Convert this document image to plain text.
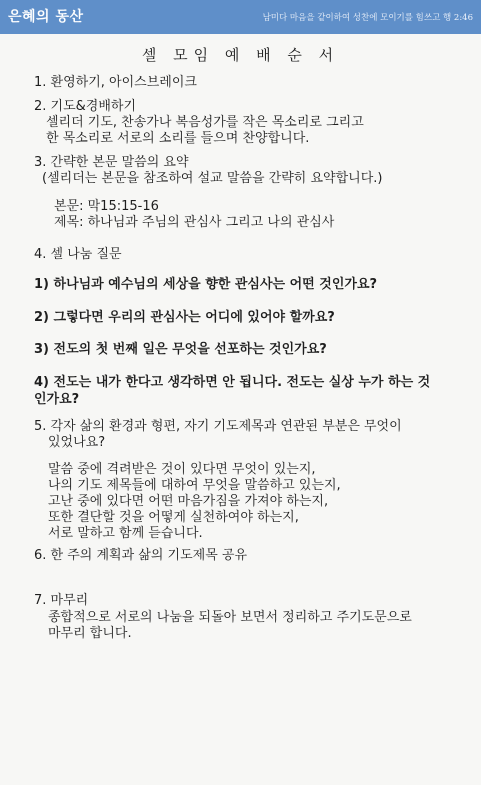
은혜의 동산	남미다 마음을 같이하여 성찬에 모이기를 힘쓰고 행 2:46
셀 모임 예 배 순 서
1. 환영하기, 아이스브레이크
2. 기도&경배하기
셀리더 기도, 찬송가나 복음성가를 작은 목소리로 그리고
한 목소리로 서로의 소리를 들으며 찬양합니다.
3. 간략한 본문 말씀의 요약
(셀리더는 본문을 참조하여 설교 말씀을 간략히 요약합니다.)
본문: 막15:15-16
제목: 하나님과 주님의 관심사 그리고 나의 관심사
4. 셀 나눔 질문
1) 하나님과 예수님의 세상을 향한 관심사는 어떤 것인가요?
2) 그렇다면 우리의 관심사는 어디에 있어야 할까요?
3) 전도의 첫 번째 일은 무엇을 선포하는 것인가요?
4) 전도는 내가 한다고 생각하면 안 됩니다. 전도는 실상 누가 하는 것
인가요?
5. 각자 삶의 환경과 형편, 자기 기도제목과 연관된 부분은 무엇이
있었나요?
말씀 중에 격려받은 것이 있다면 무엇이 있는지,
나의 기도 제목들에 대하여 무엇을 말씀하고 있는지,
고난 중에 있다면 어떤 마음가짐을 가져야 하는지,
또한 결단할 것을 어떻게 실천하여야 하는지,
서로 말하고 함께 듣습니다.
6. 한 주의 계획과 삶의 기도제목 공유
7. 마무리
종합적으로 서로의 나눔을 되돌아 보면서 정리하고 주기도문으로
마무리 합니다.
